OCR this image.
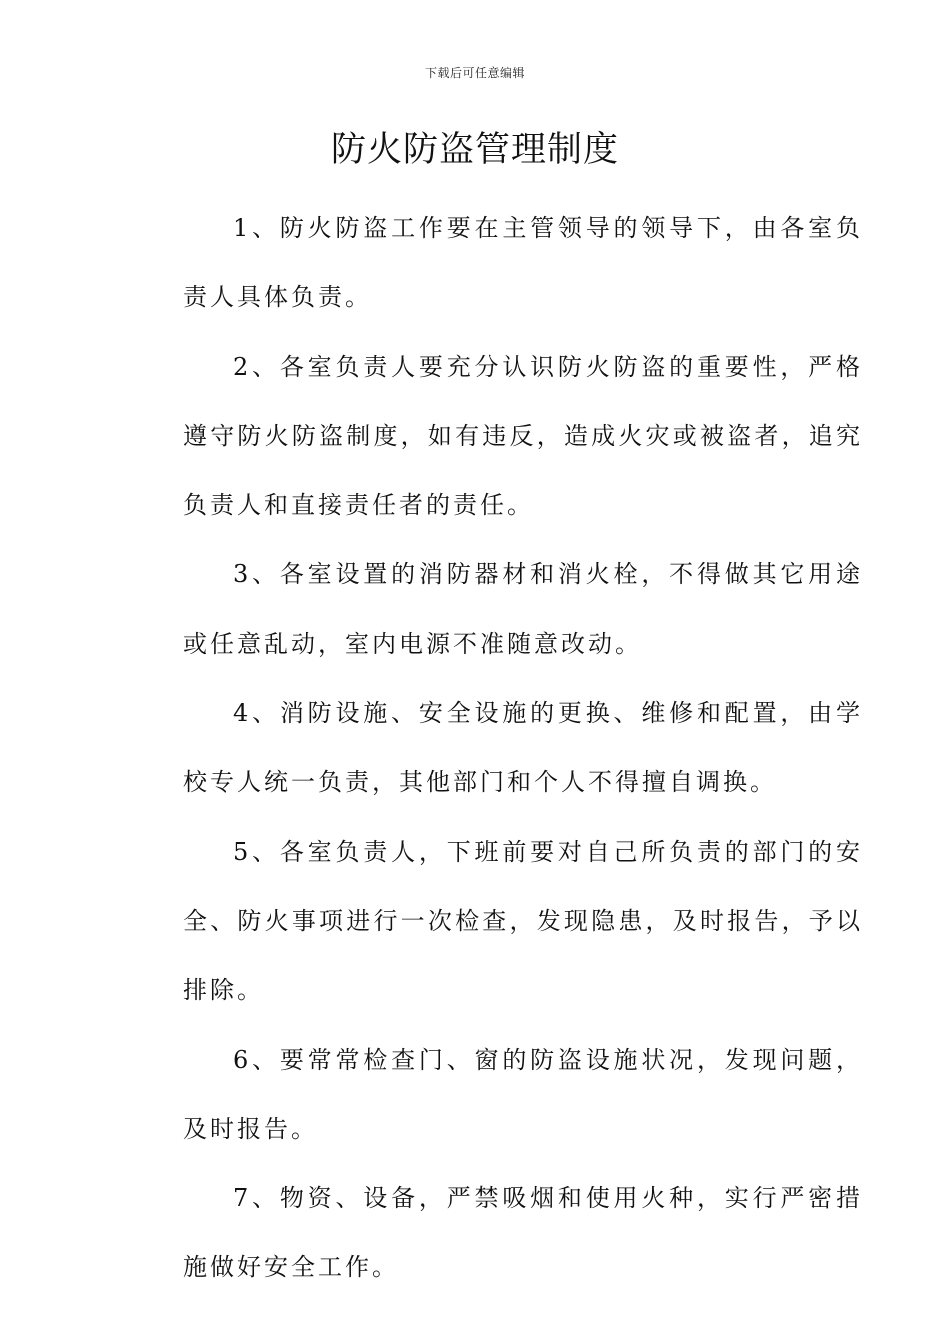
下载后可任意编辑
防火防盗管理制度

1、防火防盗工作要在主管领导的领导下，由各室负责人具体负责。

2、各室负责人要充分认识防火防盗的重要性，严格遵守防火防盗制度，如有违反，造成火灾或被盗者，追究负责人和直接责任者的责任。

3、各室设置的消防器材和消火栓，不得做其它用途或任意乱动，室内电源不准随意改动。

4、消防设施、安全设施的更换、维修和配置，由学校专人统一负责，其他部门和个人不得擅自调换。

5、各室负责人，下班前要对自己所负责的部门的安全、防火事项进行一次检查，发现隐患，及时报告，予以排除。

6、要常常检查门、窗的防盗设施状况，发现问题，及时报告。

7、物资、设备，严禁吸烟和使用火种，实行严密措施做好安全工作。
